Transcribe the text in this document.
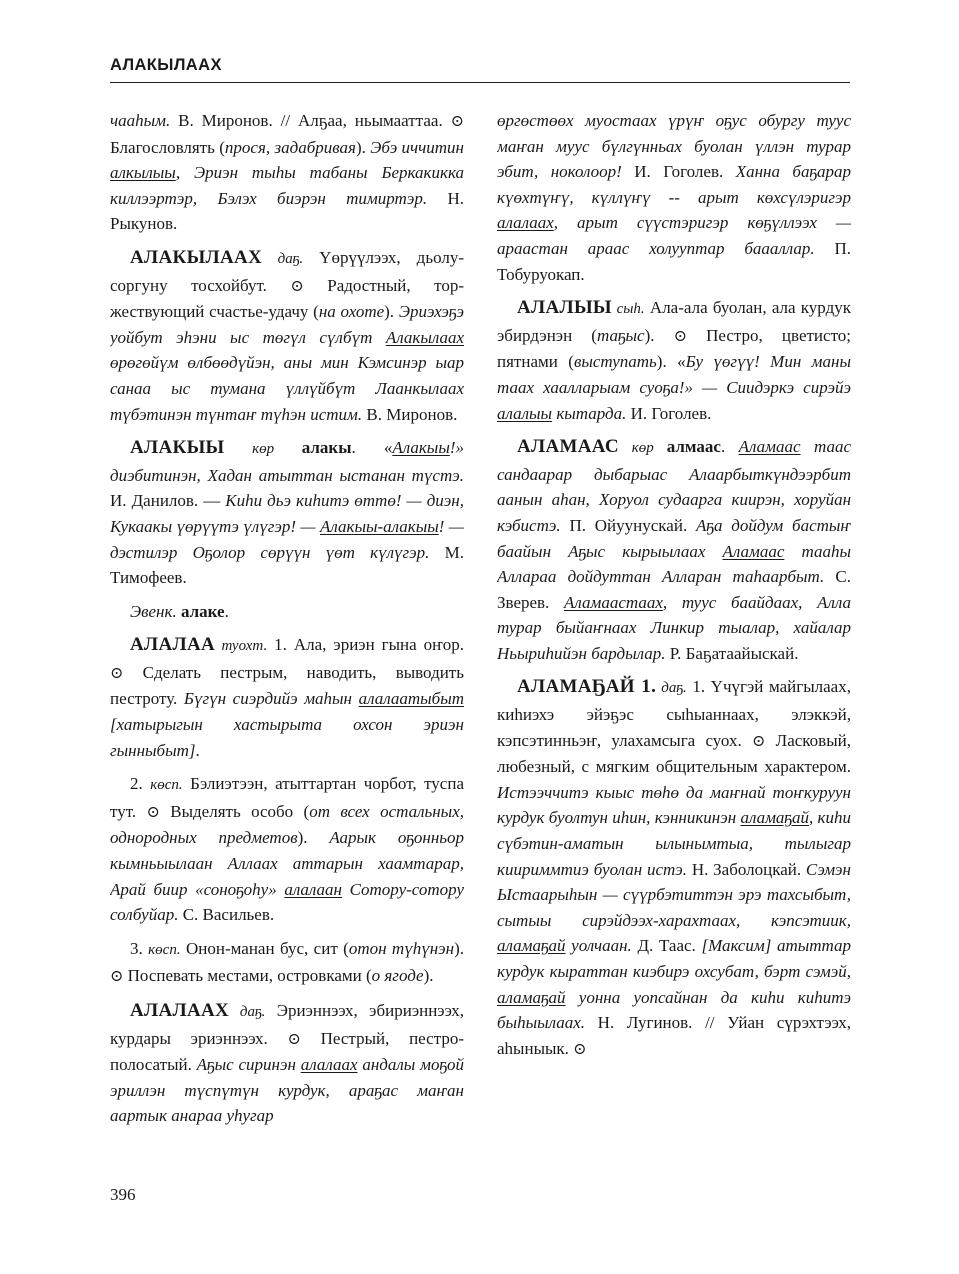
АЛАКЫЛААХ

чааһым. В. Миронов. // Алҕаа, ньымааттаа. ⊙ Благословлять (прося, задабривая). Эбэ иччитин алкылыы, Эриэн тыһы табаны Беркакикка киллээртэр, Бэлэх биэрэн тимиртэр. Н. Рыкунов.

АЛАКЫЛААХ даҕ. Үөрүүлээх, дьолу-соргуну тосхойбут. ⊙ Радостный, торжествующий счастье-удачу (на охоте). Эриэхэҕэ уойбут эһэни ыс төгүл сүлбүт Алакылаах өрөгөйүм өлбөөдүйэн, аны мин Кэмсинэр ыар санаа ыс тумана үллүйбүт Лаанкылаах түбэтинэн түнтаҥ түһэн истим. В. Миронов.

АЛАКЫЫ көр алакы. «Алакыы!» диэбитинэн, Хадан атыттан ыстанан түстэ. И. Данилов. — Киһи дьэ киһитэ өттө! — диэн, Кукаакы үөрүүтэ үлүгэр! — Алакыы-алакыы! — дэстилэр Оҕолор сөрүүн үөт күлүгэр. М. Тимофеев.

Эвенк. алаке.

АЛАЛАА туохт. 1. Ала, эриэн гына оҥор. ⊙ Сделать пестрым, наводить, выводить пестроту. Бүгүн сиэрдийэ маһын алалаатыбыт [хатырыгын хастырыта охсон эриэн гынныбыт].

2. көсп. Бэлиэтээн, атыттартан чорбот, туспа тут. ⊙ Выделять особо (от всех остальных, однородных предметов). Аарык оҕонньор кымньыылаан Аллаах аттарын хаамтарар, Арай биир «соноҕоһу» алалаан Сотору-сотору солбуйар. С. Васильев.

3. көсп. Онон-манан бус, сит (отон түһүнэн). ⊙ Поспевать местами, островками (о ягоде).

АЛАЛААХ даҕ. Эриэннээх, эбириэннээх, курдары эриэннээх. ⊙ Пестрый, пестро-полосатый. Аҕыс сиринэн алалаах андалы моҕой эриллэн түспүтүн курдук, араҕас маҥан аартык анараа уһугар

өргөстөөх муостаах үрүҥ оҕус обургу туус маҥан муус бүлгүнньах буолан үллэн турар эбит, ноколоор! И. Гоголев. Ханна баҕарар күөхтүҥү, күллүҥү -- арыт көхсүлэригэр алалаах, арыт сүүстэригэр көҕүллээх — араастан араас холууптар баааллар. П. Тобуруокап.

АЛАЛЫЫ сыһ. Ала-ала буолан, ала курдук эбирдэнэн (таҕыс). ⊙ Пестро, цветисто; пятнами (выступать). «Бу үөгүү! Мин маны таах хаалларыам суоҕа!» — Сиидэркэ сирэйэ алалыы кытарда. И. Гоголев.

АЛАМААС көр алмаас. Аламаас таас сандаарар дыбарыас Алаарбыткүндээрбит аанын аһан, Хоруол судаарга киирэн, хоруйан кэбистэ. П. Ойуунускай. Аҕа дойдум бастыҥ баайын Аҕыс кырыылаах Аламаас тааһы Аллараа дойдуттан Алларан таһаарбыт. С. Зверев. Аламаастаах, туус баайдаах, Алла турар быйаҥнаах Линкир тыалар, хайалар Ньыриһийэн бардылар. Р. Баҕатаайыскай.

АЛАМАҔАЙ 1. даҕ. 1. Үчүгэй майгылаах, киһиэхэ эйэҕэс сыһыаннаах, элэккэй, кэпсэтинньэҥ, улахамсыга суох. ⊙ Ласковый, любезный, с мягким общительным характером. Истээччитэ кыыс төһө да маҥнай тоҥкуруун курдук буолтун иһин, кэнникинэн аламаҕай, киһи сүбэтин-аматын ылынымтыа, тылыгар киириммтиэ буолан истэ. Н. Заболоцкай. Сэмэн Ыстаарыһын — сүүрбэтиттэн эрэ тахсыбыт, сытыы сирэйдээх-харахтаах, кэпсэтиик, аламаҕай уолчаан. Д. Таас. [Максим] атыттар курдук кыраттан киэбирэ охсубат, бэрт сэмэй, аламаҕай уонна уопсайнан да киһи киһитэ быһыылаах. Н. Лугинов. // Уйан сүрэхтээх, аһыныык. ⊙

396
